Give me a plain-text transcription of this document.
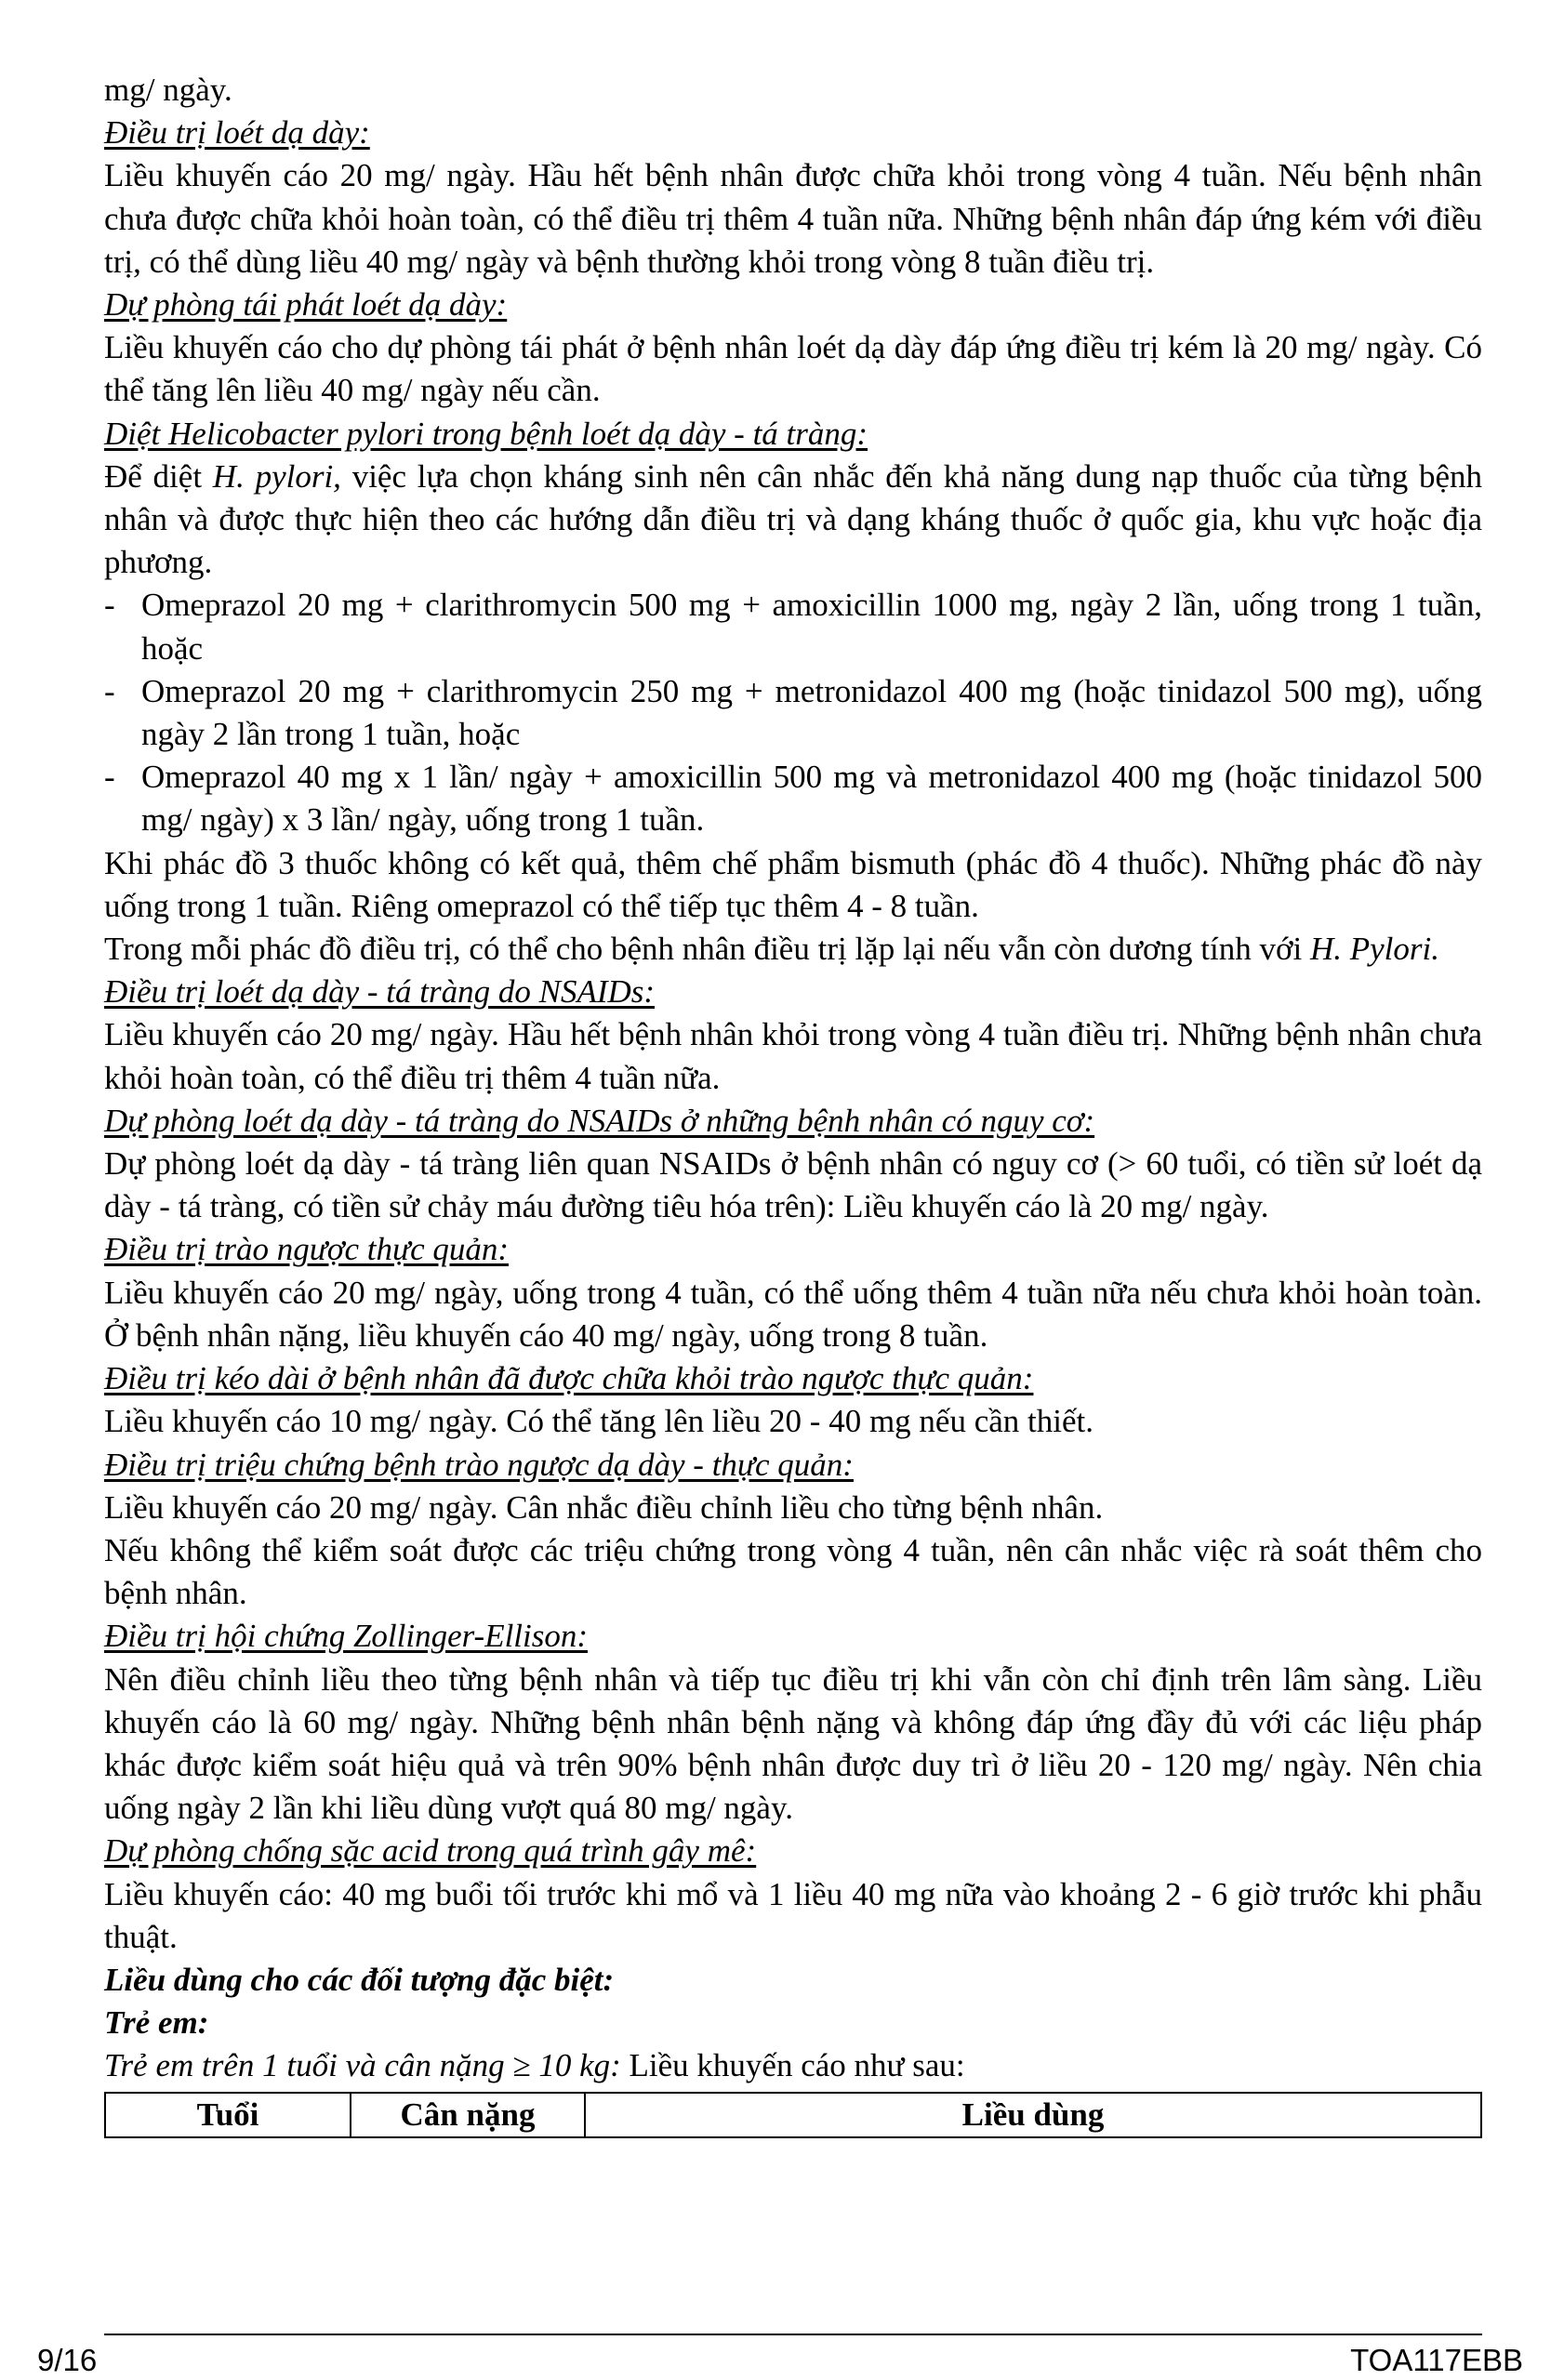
mg/ ngày.

Điều trị loét dạ dày:

Liều khuyến cáo 20 mg/ ngày. Hầu hết bệnh nhân được chữa khỏi trong vòng 4 tuần. Nếu bệnh nhân chưa được chữa khỏi hoàn toàn, có thể điều trị thêm 4 tuần nữa. Những bệnh nhân đáp ứng kém với điều trị, có thể dùng liều 40 mg/ ngày và bệnh thường khỏi trong vòng 8 tuần điều trị.

Dự phòng tái phát loét dạ dày:

Liều khuyến cáo cho dự phòng tái phát ở bệnh nhân loét dạ dày đáp ứng điều trị kém là 20 mg/ ngày. Có thể tăng lên liều 40 mg/ ngày nếu cần.

Diệt Helicobacter pylori trong bệnh loét dạ dày - tá tràng:

Để diệt H. pylori, việc lựa chọn kháng sinh nên cân nhắc đến khả năng dung nạp thuốc của từng bệnh nhân và được thực hiện theo các hướng dẫn điều trị và dạng kháng thuốc ở quốc gia, khu vực hoặc địa phương.

- Omeprazol 20 mg + clarithromycin 500 mg + amoxicillin 1000 mg, ngày 2 lần, uống trong 1 tuần, hoặc

- Omeprazol 20 mg + clarithromycin 250 mg + metronidazol 400 mg (hoặc tinidazol 500 mg), uống ngày 2 lần trong 1 tuần, hoặc

- Omeprazol 40 mg x 1 lần/ ngày + amoxicillin 500 mg và metronidazol 400 mg (hoặc tinidazol 500 mg/ ngày) x 3 lần/ ngày, uống trong 1 tuần.

Khi phác đồ 3 thuốc không có kết quả, thêm chế phẩm bismuth (phác đồ 4 thuốc). Những phác đồ này uống trong 1 tuần. Riêng omeprazol có thể tiếp tục thêm 4 - 8 tuần.

Trong mỗi phác đồ điều trị, có thể cho bệnh nhân điều trị lặp lại nếu vẫn còn dương tính với H. Pylori.

Điều trị loét dạ dày - tá tràng do NSAIDs:

Liều khuyến cáo 20 mg/ ngày. Hầu hết bệnh nhân khỏi trong vòng 4 tuần điều trị. Những bệnh nhân chưa khỏi hoàn toàn, có thể điều trị thêm 4 tuần nữa.

Dự phòng loét dạ dày - tá tràng do NSAIDs ở những bệnh nhân có nguy cơ:

Dự phòng loét dạ dày - tá tràng liên quan NSAIDs ở bệnh nhân có nguy cơ (> 60 tuổi, có tiền sử loét dạ dày - tá tràng, có tiền sử chảy máu đường tiêu hóa trên): Liều khuyến cáo là 20 mg/ ngày.

Điều trị trào ngược thực quản:

Liều khuyến cáo 20 mg/ ngày, uống trong 4 tuần, có thể uống thêm 4 tuần nữa nếu chưa khỏi hoàn toàn. Ở bệnh nhân nặng, liều khuyến cáo 40 mg/ ngày, uống trong 8 tuần.

Điều trị kéo dài ở bệnh nhân đã được chữa khỏi trào ngược thực quản:

Liều khuyến cáo 10 mg/ ngày. Có thể tăng lên liều 20 - 40 mg nếu cần thiết.

Điều trị triệu chứng bệnh trào ngược dạ dày - thực quản:

Liều khuyến cáo 20 mg/ ngày. Cân nhắc điều chỉnh liều cho từng bệnh nhân.

Nếu không thể kiểm soát được các triệu chứng trong vòng 4 tuần, nên cân nhắc việc rà soát thêm cho bệnh nhân.

Điều trị hội chứng Zollinger-Ellison:

Nên điều chỉnh liều theo từng bệnh nhân và tiếp tục điều trị khi vẫn còn chỉ định trên lâm sàng. Liều khuyến cáo là 60 mg/ ngày. Những bệnh nhân bệnh nặng và không đáp ứng đầy đủ với các liệu pháp khác được kiểm soát hiệu quả và trên 90% bệnh nhân được duy trì ở liều 20 - 120 mg/ ngày. Nên chia uống ngày 2 lần khi liều dùng vượt quá 80 mg/ ngày.

Dự phòng chống sặc acid trong quá trình gây mê:

Liều khuyến cáo: 40 mg buổi tối trước khi mổ và 1 liều 40 mg nữa vào khoảng 2 - 6 giờ trước khi phẫu thuật.

Liều dùng cho các đối tượng đặc biệt:

Trẻ em:

Trẻ em trên 1 tuổi và cân nặng ≥ 10 kg: Liều khuyến cáo như sau:

Tuổi	Cân nặng	Liều dùng
9/16	TOA117EBB
